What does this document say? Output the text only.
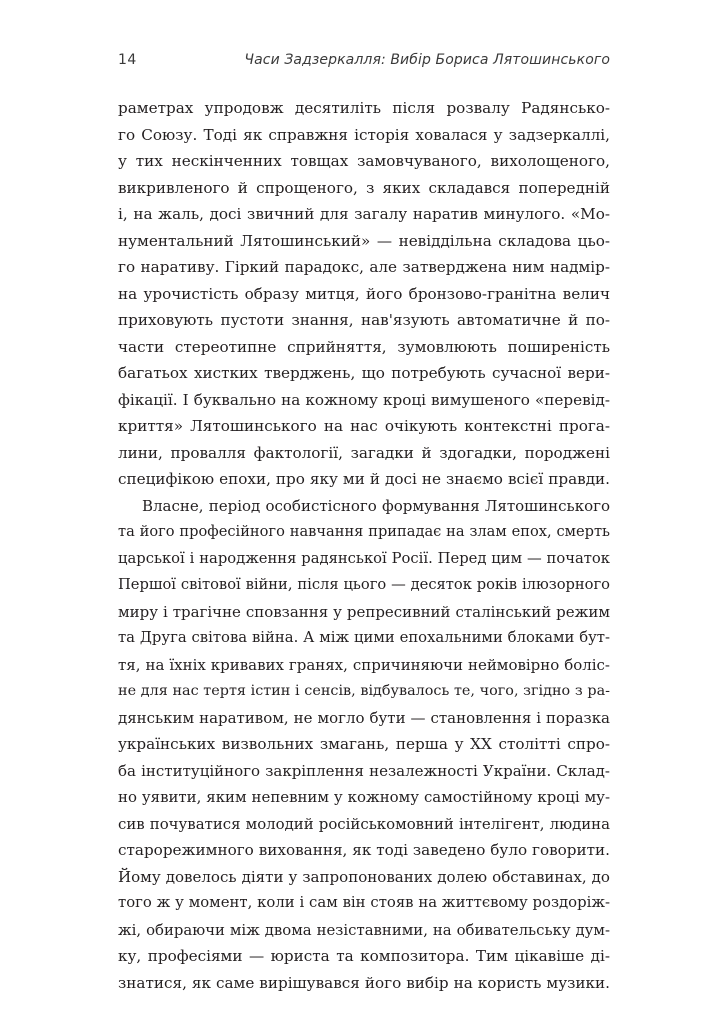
14	Часи Задзеркалля: Вибір Бориса Лятошинського
раметрах упродовж десятиліть після розвалу Радянсько-
го Союзу. Тоді як справжня історія ховалася у задзеркаллі,
у тих нескінченних товщах замовчуваного, вихолощеного,
викривленого й спрощеного, з яких складався попередній
і, на жаль, досі звичний для загалу наратив минулого. «Мо-
нументальний Лятошинський» — невіддільна складова цьо-
го наративу. Гіркий парадокс, але затверджена ним надмір-
на урочистість образу митця, його бронзово-гранітна велич
приховують пустоти знання, нав'язують автоматичне й по-
части стереотипне сприйняття, зумовлюють поширеність
багатьох хистких тверджень, що потребують сучасної вери-
фікації. І буквально на кожному кроці вимушеного «перевід-
криття» Лятошинського на нас очікують контекстні прога-
лини, провалля фактології, загадки й здогадки, породжені
специфікою епохи, про яку ми й досі не знаємо всієї правди.
Власне, період особистісного формування Лятошинського
та його професійного навчання припадає на злам епох, смерть
царської і народження радянської Росії. Перед цим — початок
Першої світової війни, після цього — десяток років ілюзорного
миру і трагічне сповзання у репресивний сталінський режим
та Друга світова війна. А між цими епохальними блоками бут-
тя, на їхніх кривавих гранях, спричиняючи неймовірно боліс-
не для нас тертя істин і сенсів, відбувалось те, чого, згідно з ра-
дянським наративом, не могло бути — становлення і поразка
українських визвольних змагань, перша у XX столітті спро-
ба інституційного закріплення незалежності України. Склад-
но уявити, яким непевним у кожному самостійному кроці му-
сив почуватися молодий російськомовний інтелігент, людина
старорежимного виховання, як тоді заведено було говорити.
Йому довелось діяти у запропонованих долею обставинах, до
того ж у момент, коли і сам він стояв на життєвому роздоріж-
жі, обираючи між двома незіставними, на обивательську дум-
ку, професіями — юриста та композитора. Тим цікавіше ді-
знатися, як саме вирішувався його вибір на користь музики.
